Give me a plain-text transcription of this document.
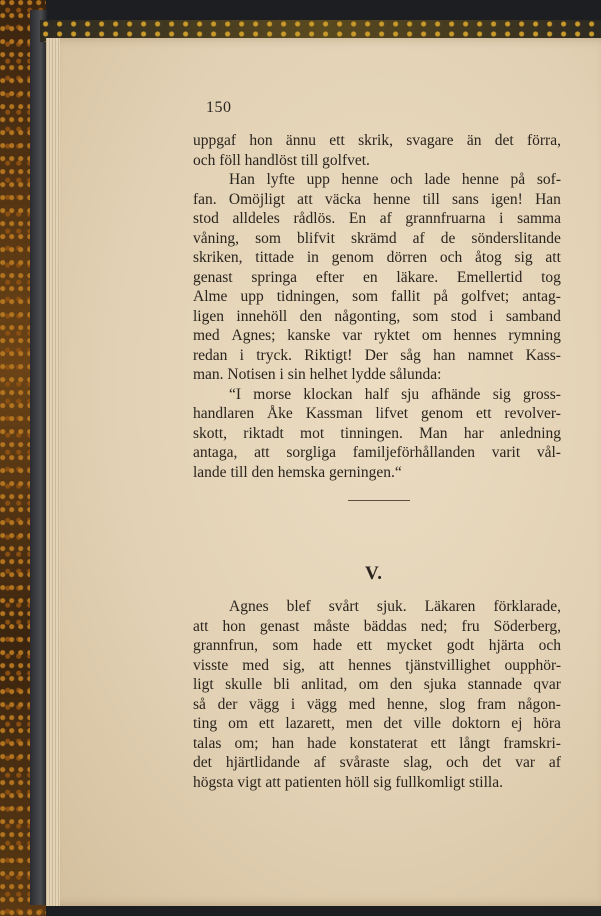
150
uppgaf hon ännu ett skrik, svagare än det förra,
och föll handlöst till golfvet.
Han lyfte upp henne och lade henne på sof-
fan. Omöjligt att väcka henne till sans igen! Han
stod alldeles rådlös. En af grannfruarna i samma
våning, som blifvit skrämd af de sönderslitande
skriken, tittade in genom dörren och åtog sig att
genast springa efter en läkare. Emellertid tog
Alme upp tidningen, som fallit på golfvet; antag-
ligen innehöll den någonting, som stod i samband
med Agnes; kanske var ryktet om hennes rymning
redan i tryck. Riktigt! Der såg han namnet Kass-
man. Notisen i sin helhet lydde sålunda:
“I morse klockan half sju afhände sig gross-
handlaren Åke Kassman lifvet genom ett revolver-
skott, riktadt mot tinningen. Man har anledning
antaga, att sorgliga familjeförhållanden varit vål-
lande till den hemska gerningen.“
V.
Agnes blef svårt sjuk. Läkaren förklarade,
att hon genast måste bäddas ned; fru Söderberg,
grannfrun, som hade ett mycket godt hjärta och
visste med sig, att hennes tjänstvillighet oupphör-
ligt skulle bli anlitad, om den sjuka stannade qvar
så der vägg i vägg med henne, slog fram någon-
ting om ett lazarett, men det ville doktorn ej höra
talas om; han hade konstaterat ett långt framskri-
det hjärtlidande af svåraste slag, och det var af
högsta vigt att patienten höll sig fullkomligt stilla.
